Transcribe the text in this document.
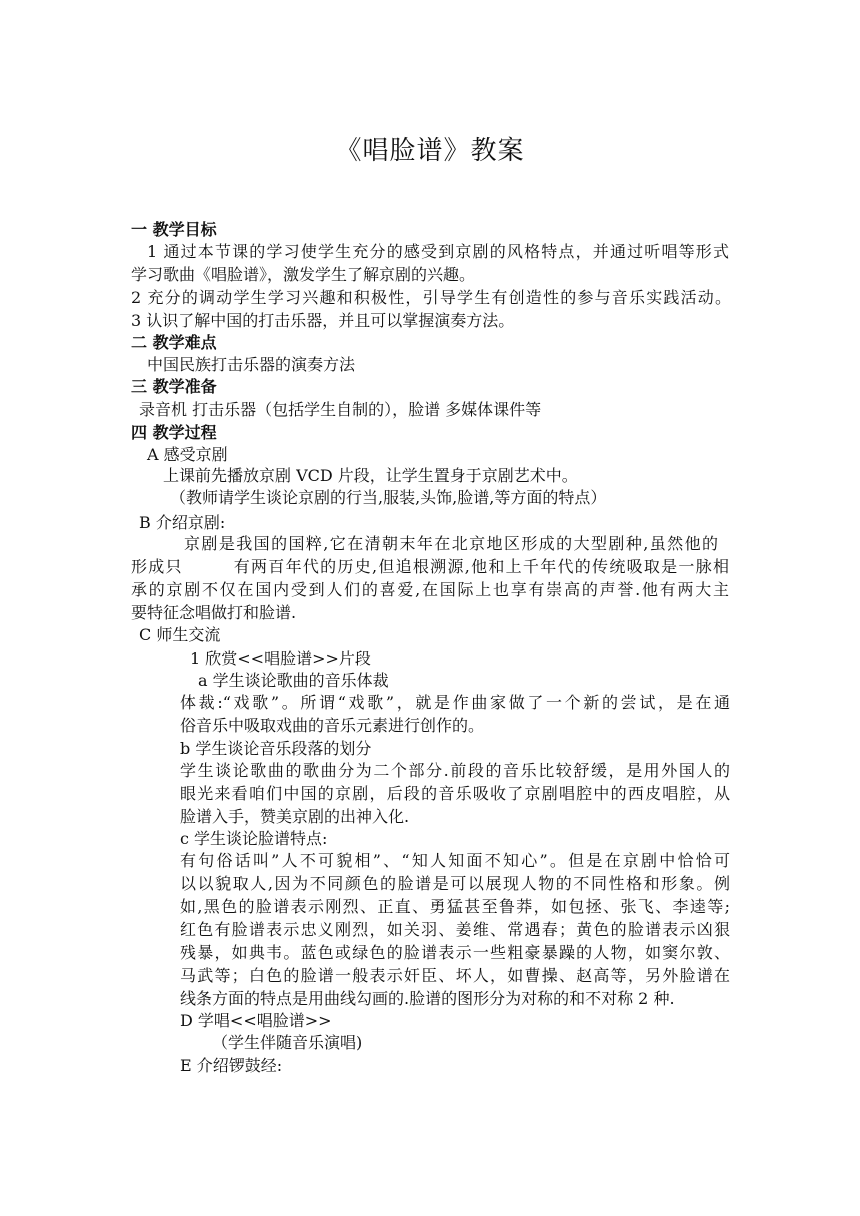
《唱脸谱》教案
一 教学目标
1 通过本节课的学习使学生充分的感受到京剧的风格特点，并通过听唱等形式
学习歌曲《唱脸谱》，激发学生了解京剧的兴趣。
2 充分的调动学生学习兴趣和积极性，引导学生有创造性的参与音乐实践活动。
3 认识了解中国的打击乐器，并且可以掌握演奏方法。
二 教学难点
中国民族打击乐器的演奏方法
三 教学准备
录音机 打击乐器（包括学生自制的），脸谱 多媒体课件等
四 教学过程
A 感受京剧
上课前先播放京剧 VCD 片段，让学生置身于京剧艺术中。
（教师请学生谈论京剧的行当,服装,头饰,脸谱,等方面的特点）
B 介绍京剧:
京剧是我国的国粹,它在清朝末年在北京地区形成的大型剧种,虽然他的
形成只        有两百年代的历史,但追根溯源,他和上千年代的传统吸取是一脉相
承的京剧不仅在国内受到人们的喜爱,在国际上也享有崇高的声誉.他有两大主
要特征念唱做打和脸谱.
C 师生交流
1 欣赏<<唱脸谱>>片段
a 学生谈论歌曲的音乐体裁
体裁:“戏歌”。所谓“戏歌”，就是作曲家做了一个新的尝试，是在通
俗音乐中吸取戏曲的音乐元素进行创作的。
b 学生谈论音乐段落的划分
学生谈论歌曲的歌曲分为二个部分.前段的音乐比较舒缓，是用外国人的
眼光来看咱们中国的京剧，后段的音乐吸收了京剧唱腔中的西皮唱腔，从
脸谱入手，赞美京剧的出神入化.
c 学生谈论脸谱特点:
有句俗话叫”人不可貌相”、“知人知面不知心”。但是在京剧中恰恰可
以以貌取人,因为不同颜色的脸谱是可以展现人物的不同性格和形象。例
如,黑色的脸谱表示刚烈、正直、勇猛甚至鲁莽，如包拯、张飞、李逵等;
红色有脸谱表示忠义刚烈，如关羽、姜维、常遇春；黄色的脸谱表示凶狠
残暴，如典韦。蓝色或绿色的脸谱表示一些粗豪暴躁的人物，如窦尔敦、
马武等；白色的脸谱一般表示奸臣、坏人，如曹操、赵高等，另外脸谱在
线条方面的特点是用曲线勾画的.脸谱的图形分为对称的和不对称 2 种.
D 学唱<<唱脸谱>>
（学生伴随音乐演唱)
E 介绍锣鼓经:
